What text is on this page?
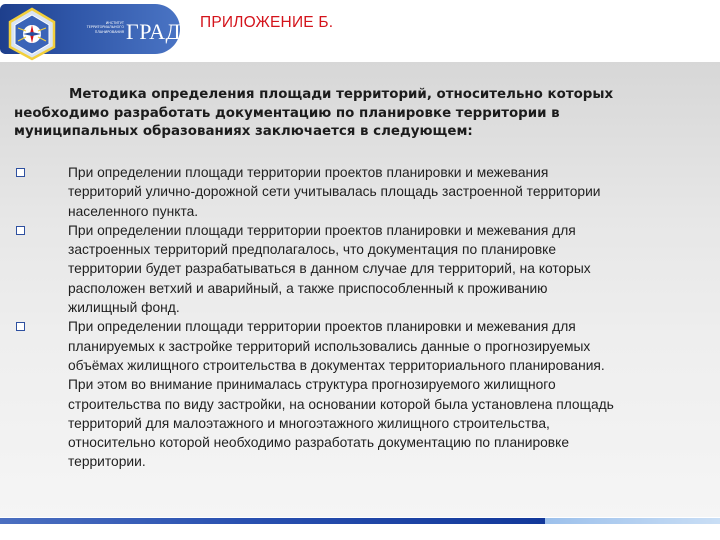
ИНСТИТУТ ТЕРРИТОРИАЛЬНОГО ПЛАНИРОВАНИЯ ГРАД ПРИЛОЖЕНИЕ Б.
Методика определения площади территорий, относительно которых
необходимо разработать документацию по планировке территории в
муниципальных образованиях заключается в следующем:
При определении площади территории проектов планировки и межевания
территорий улично-дорожной сети учитывалась площадь застроенной территории
населенного пункта.
При определении площади территории проектов планировки и межевания для
застроенных территорий предполагалось, что документация по планировке
территории будет разрабатываться в данном случае для территорий, на которых
расположен ветхий и аварийный, а также приспособленный к проживанию
жилищный фонд.
При определении площади территории проектов планировки и межевания для
планируемых к застройке территорий использовались данные о прогнозируемых
объёмах жилищного строительства в документах территориального планирования.
При этом во внимание принималась структура прогнозируемого жилищного
строительства по виду застройки, на основании которой была установлена площадь
территорий для малоэтажного и многоэтажного жилищного строительства,
относительно которой необходимо разработать документацию по планировке
территории.
